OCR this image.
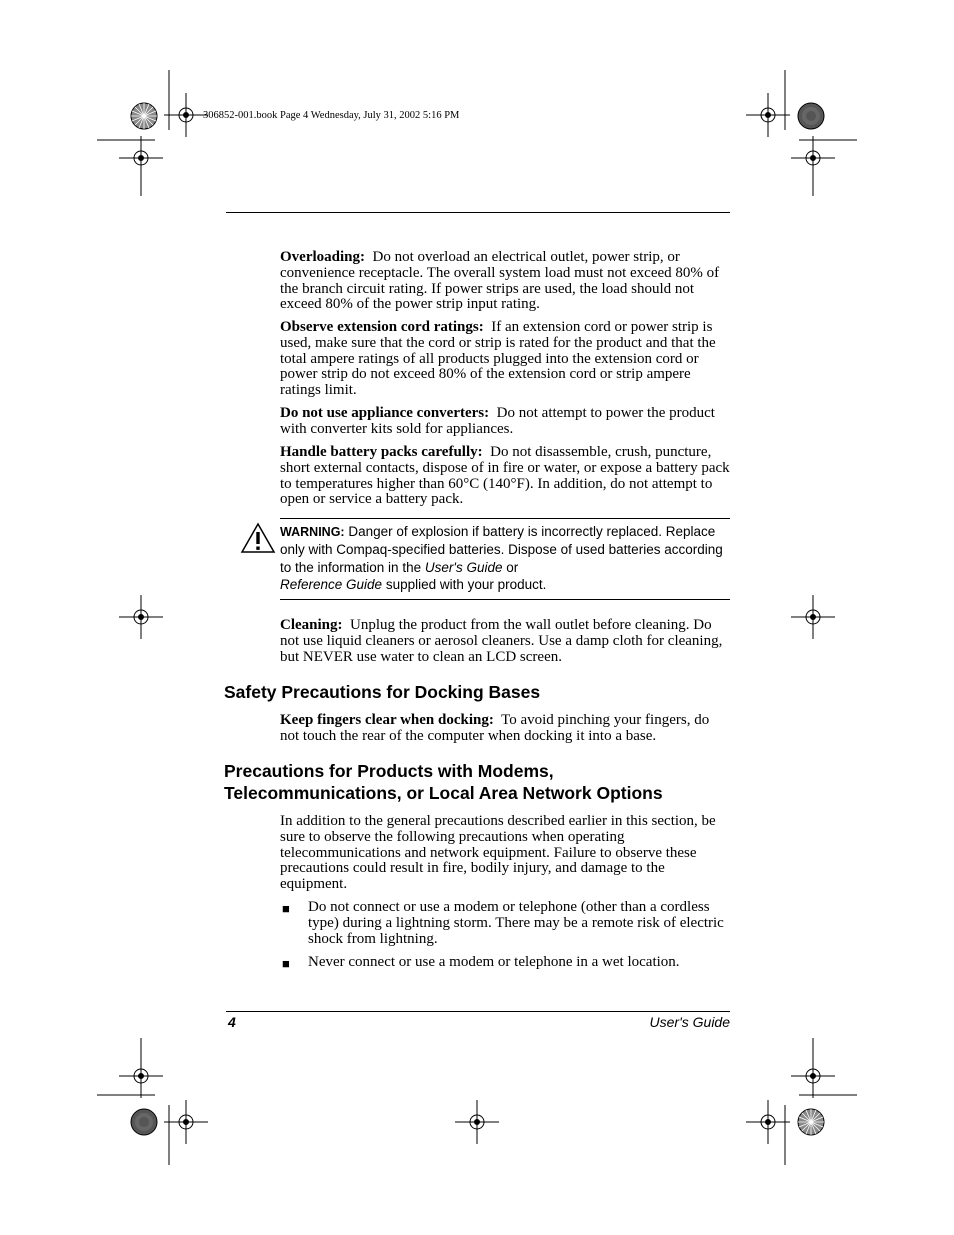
306852-001.book Page 4 Wednesday, July 31, 2002 5:16 PM

Overloading: Do not overload an electrical outlet, power strip, or convenience receptacle. The overall system load must not exceed 80% of the branch circuit rating. If power strips are used, the load should not exceed 80% of the power strip input rating.

Observe extension cord ratings: If an extension cord or power strip is used, make sure that the cord or strip is rated for the product and that the total ampere ratings of all products plugged into the extension cord or power strip do not exceed 80% of the extension cord or strip ampere ratings limit.

Do not use appliance converters: Do not attempt to power the product with converter kits sold for appliances.

Handle battery packs carefully: Do not disassemble, crush, puncture, short external contacts, dispose of in fire or water, or expose a battery pack to temperatures higher than 60°C (140°F). In addition, do not attempt to open or service a battery pack.

WARNING: Danger of explosion if battery is incorrectly replaced. Replace only with Compaq-specified batteries. Dispose of used batteries according to the information in the User's Guide or
Reference Guide supplied with your product.

Cleaning: Unplug the product from the wall outlet before cleaning. Do not use liquid cleaners or aerosol cleaners. Use a damp cloth for cleaning, but NEVER use water to clean an LCD screen.

Safety Precautions for Docking Bases

Keep fingers clear when docking: To avoid pinching your fingers, do not touch the rear of the computer when docking it into a base.

Precautions for Products with Modems,
Telecommunications, or Local Area Network Options

In addition to the general precautions described earlier in this section, be sure to observe the following precautions when operating telecommunications and network equipment. Failure to observe these precautions could result in fire, bodily injury, and damage to the equipment.

■ Do not connect or use a modem or telephone (other than a cordless type) during a lightning storm. There may be a remote risk of electric shock from lightning.

■ Never connect or use a modem or telephone in a wet location.

4	User's Guide
